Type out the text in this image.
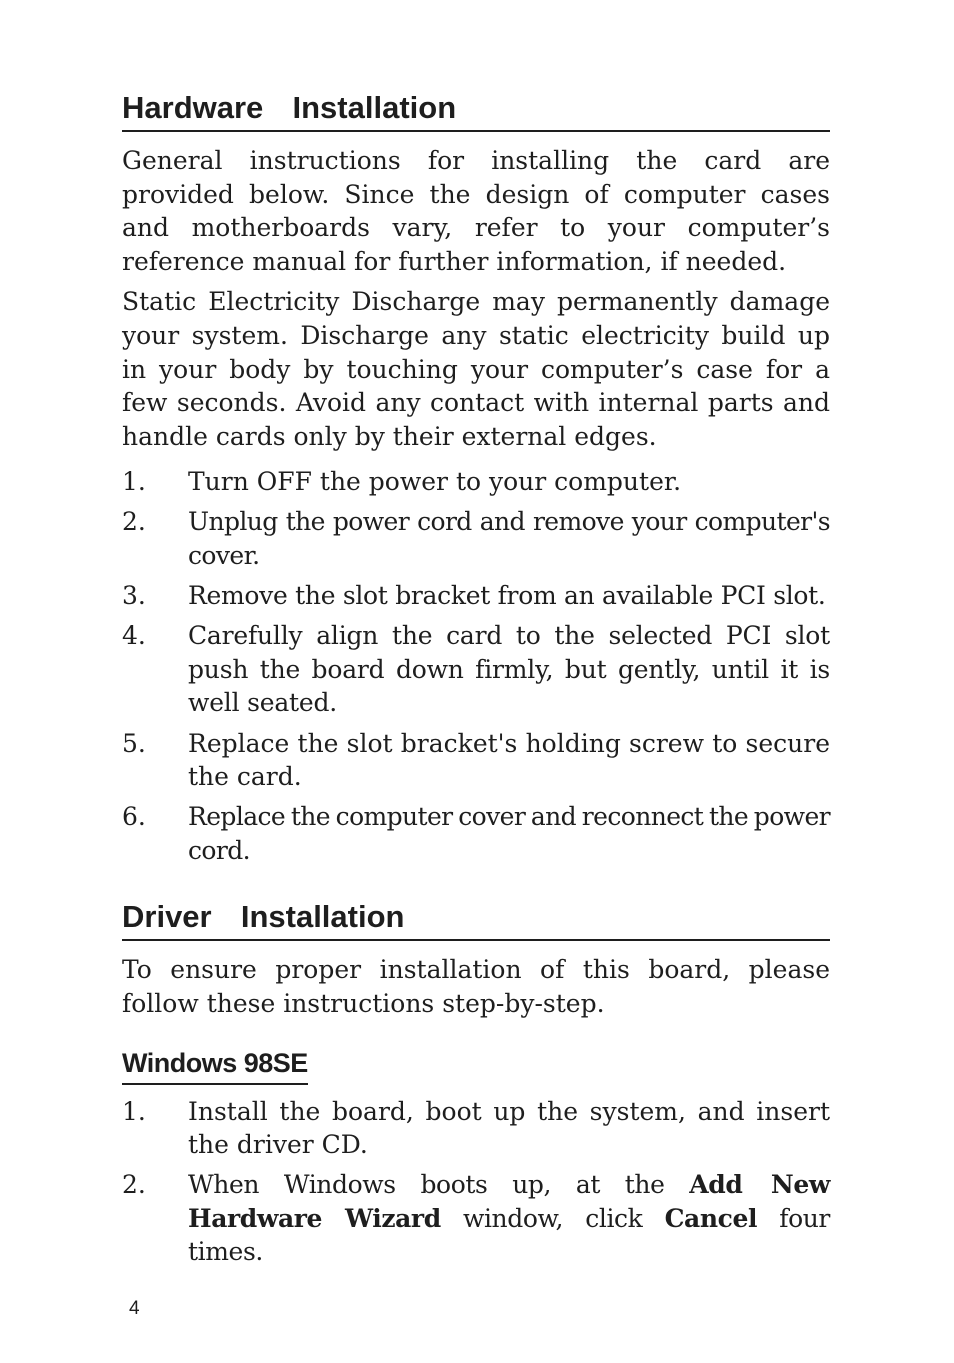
Hardware  Installation

General instructions for installing the card are provided below. Since the design of computer cases and motherboards vary, refer to your computer’s reference manual for further information, if needed.

Static Electricity Discharge may permanently damage your system. Discharge any static electricity build up in your body by touching your computer’s case for a few seconds. Avoid any contact with internal parts and handle cards only by their external edges.

1.	Turn OFF the power to your computer.
2.	Unplug the power cord and remove your computer's cover.
3.	Remove the slot bracket from an available PCI slot.
4.	Carefully align the card to the selected PCI slot push the board down firmly, but gently, until it is well seated.
5.	Replace the slot bracket's holding screw to secure the card.
6.	Replace the computer cover and reconnect the power cord.
Driver  Installation

To ensure proper installation of this board, please follow these instructions step-by-step.

Windows 98SE
1.	Install the board, boot up the system, and insert the driver CD.
2.	When Windows boots up, at the Add New Hardware Wizard window, click Cancel four times.
4
